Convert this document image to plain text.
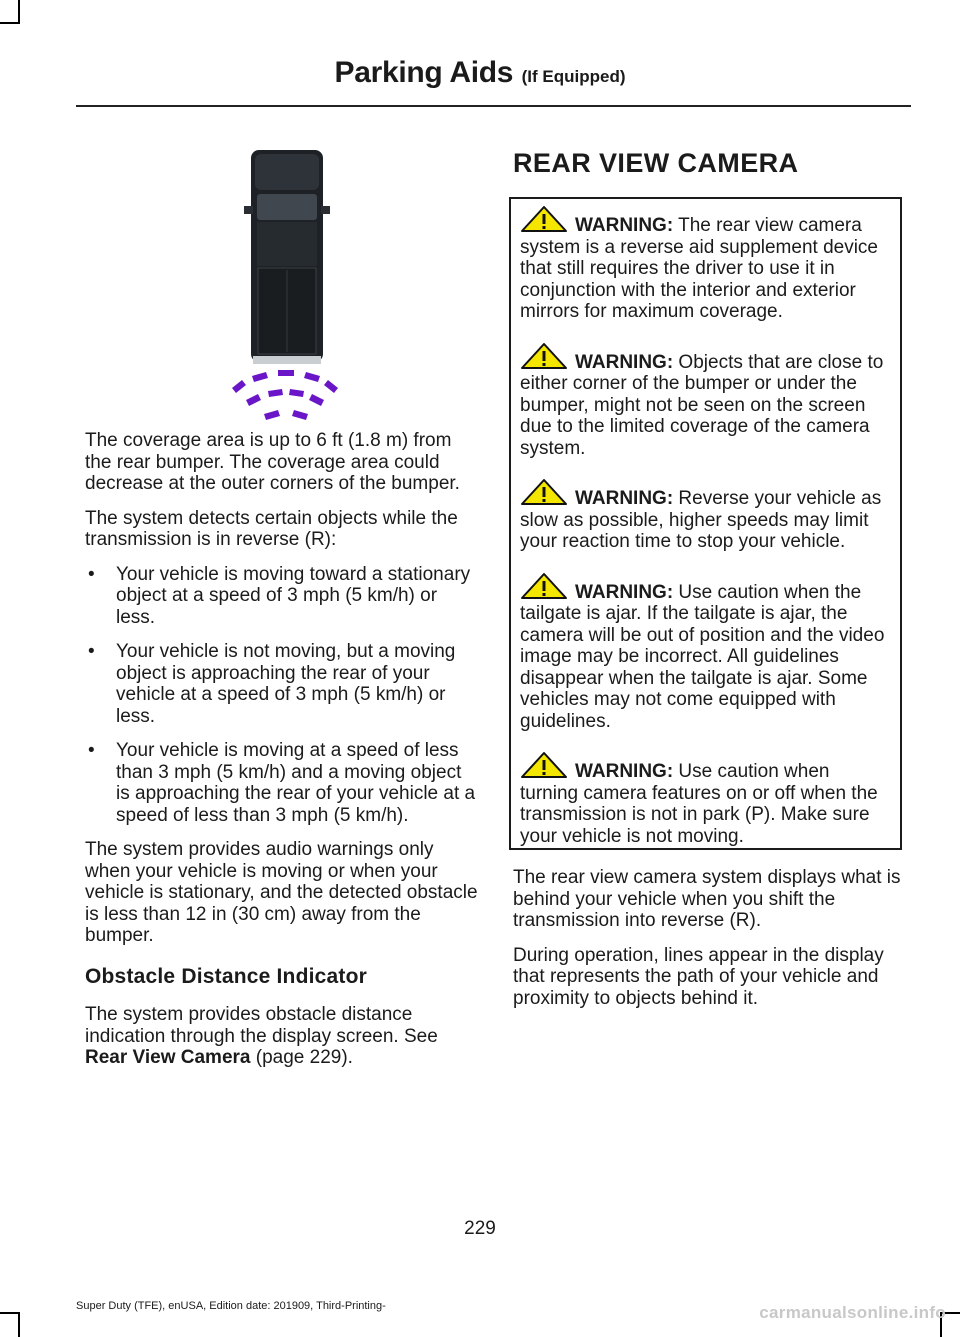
Parking Aids (If Equipped)

The coverage area is up to 6 ft (1.8 m) from the rear bumper. The coverage area could decrease at the outer corners of the bumper.

The system detects certain objects while the transmission is in reverse (R):

• Your vehicle is moving toward a stationary object at a speed of 3 mph (5 km/h) or less.
• Your vehicle is not moving, but a moving object is approaching the rear of your vehicle at a speed of 3 mph (5 km/h) or less.
• Your vehicle is moving at a speed of less than 3 mph (5 km/h) and a moving object is approaching the rear of your vehicle at a speed of less than 3 mph (5 km/h).

The system provides audio warnings only when your vehicle is moving or when your vehicle is stationary, and the detected obstacle is less than 12 in (30 cm) away from the bumper.

Obstacle Distance Indicator

The system provides obstacle distance indication through the display screen. See Rear View Camera (page 229).

REAR VIEW CAMERA
WARNING: The rear view camera system is a reverse aid supplement device that still requires the driver to use it in conjunction with the interior and exterior mirrors for maximum coverage.
WARNING: Objects that are close to either corner of the bumper or under the bumper, might not be seen on the screen due to the limited coverage of the camera system.
WARNING: Reverse your vehicle as slow as possible, higher speeds may limit your reaction time to stop your vehicle.
WARNING: Use caution when the tailgate is ajar. If the tailgate is ajar, the camera will be out of position and the video image may be incorrect. All guidelines disappear when the tailgate is ajar. Some vehicles may not come equipped with guidelines.
WARNING: Use caution when turning camera features on or off when the transmission is not in park (P). Make sure your vehicle is not moving.

The rear view camera system displays what is behind your vehicle when you shift the transmission into reverse (R).

During operation, lines appear in the display that represents the path of your vehicle and proximity to objects behind it.

229
Super Duty (TFE), enUSA, Edition date: 201909, Third-Printing-	carmanualsonline.info
